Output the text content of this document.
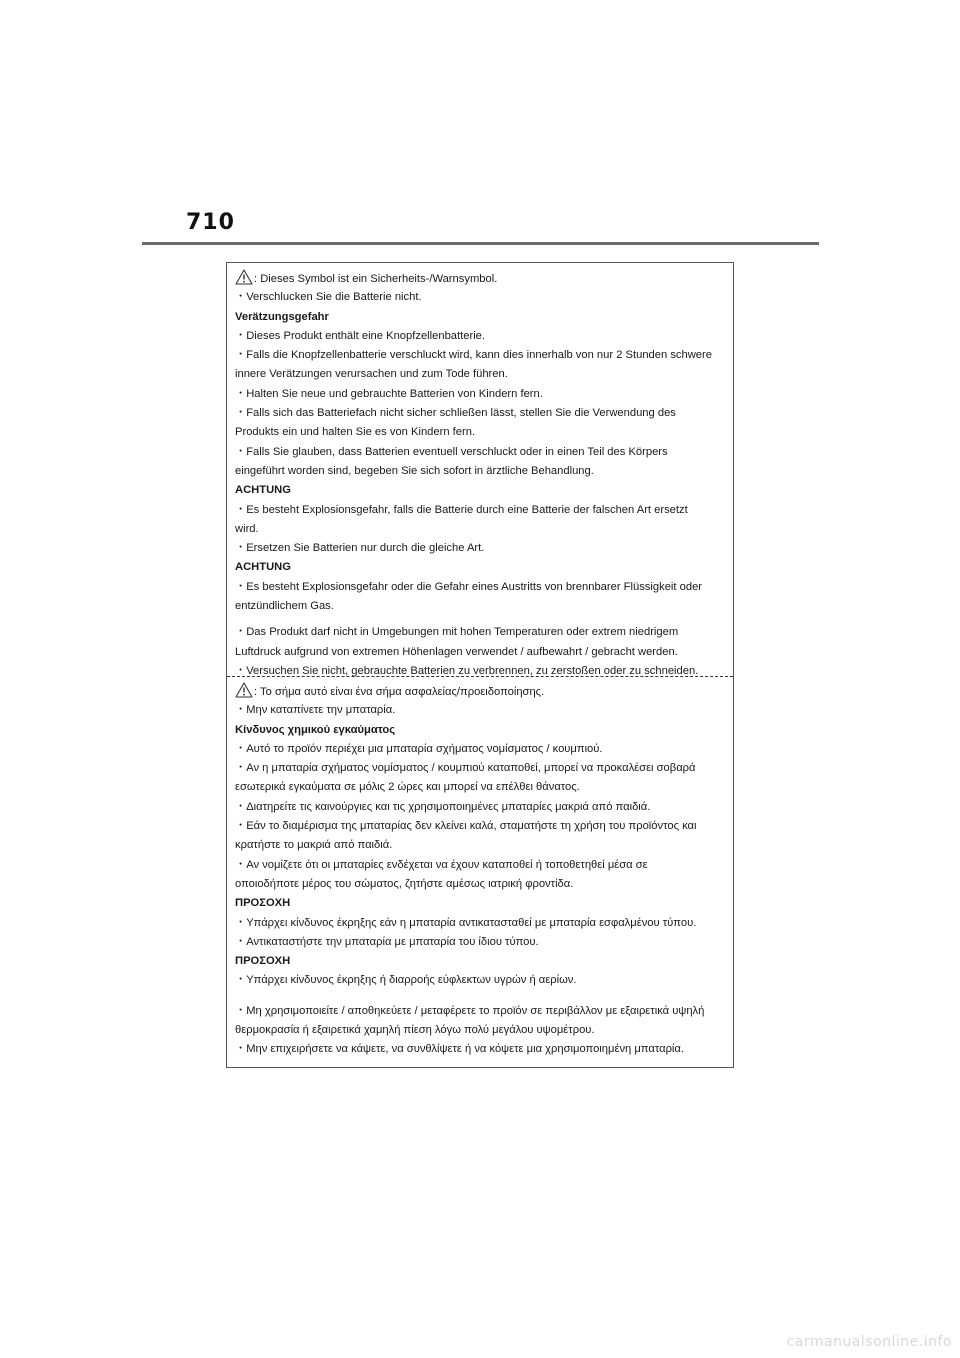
710
: Dieses Symbol ist ein Sicherheits-/Warnsymbol.
・Verschlucken Sie die Batterie nicht.
Verätzungsgefahr
・Dieses Produkt enthält eine Knopfzellenbatterie.
・Falls die Knopfzellenbatterie verschluckt wird, kann dies innerhalb von nur 2 Stunden schwere
innere Verätzungen verursachen und zum Tode führen.
・Halten Sie neue und gebrauchte Batterien von Kindern fern.
・Falls sich das Batteriefach nicht sicher schließen lässt, stellen Sie die Verwendung des
Produkts ein und halten Sie es von Kindern fern.
・Falls Sie glauben, dass Batterien eventuell verschluckt oder in einen Teil des Körpers
eingeführt worden sind, begeben Sie sich sofort in ärztliche Behandlung.
ACHTUNG
・Es besteht Explosionsgefahr, falls die Batterie durch eine Batterie der falschen Art ersetzt
wird.
・Ersetzen Sie Batterien nur durch die gleiche Art.
ACHTUNG
・Es besteht Explosionsgefahr oder die Gefahr eines Austritts von brennbarer Flüssigkeit oder
entzündlichem Gas.
・Das Produkt darf nicht in Umgebungen mit hohen Temperaturen oder extrem niedrigem
Luftdruck aufgrund von extremen Höhenlagen verwendet / aufbewahrt / gebracht werden.
・Versuchen Sie nicht, gebrauchte Batterien zu verbrennen, zu zerstoßen oder zu schneiden.
: Το σήμα αυτό είναι ένα σήμα ασφαλείας/προειδοποίησης.
・Μην καταπίνετε την μπαταρία.
Κίνδυνος χημικού εγκαύματος
・Αυτό το προϊόν περιέχει μια μπαταρία σχήματος νομίσματος / κουμπιού.
・Αν η μπαταρία σχήματος νομίσματος / κουμπιού καταποθεί, μπορεί να προκαλέσει σοβαρά
εσωτερικά εγκαύματα σε μόλις 2 ώρες και μπορεί να επέλθει θάνατος.
・Διατηρείτε τις καινούργιες και τις χρησιμοποιημένες μπαταρίες μακριά από παιδιά.
・Εάν το διαμέρισμα της μπαταρίας δεν κλείνει καλά, σταματήστε τη χρήση του προϊόντος και
κρατήστε το μακριά από παιδιά.
・Αν νομίζετε ότι οι μπαταρίες ενδέχεται να έχουν καταποθεί ή τοποθετηθεί μέσα σε
οποιοδήποτε μέρος του σώματος, ζητήστε αμέσως ιατρική φροντίδα.
ΠΡΟΣΟΧΗ
・Υπάρχει κίνδυνος έκρηξης εάν η μπαταρία αντικατασταθεί με μπαταρία εσφαλμένου τύπου.
・Αντικαταστήστε την μπαταρία με μπαταρία του ίδιου τύπου.
ΠΡΟΣΟΧΗ
・Υπάρχει κίνδυνος έκρηξης ή διαρροής εύφλεκτων υγρών ή αερίων.
・Μη χρησιμοποιείτε / αποθηκεύετε / μεταφέρετε το προϊόν σε περιβάλλον με εξαιρετικά υψηλή
θερμοκρασία ή εξαιρετικά χαμηλή πίεση λόγω πολύ μεγάλου υψομέτρου.
・Μην επιχειρήσετε να κάψετε, να συνθλίψετε ή να κόψετε μια χρησιμοποιημένη μπαταρία.
carmanualsonline.info
